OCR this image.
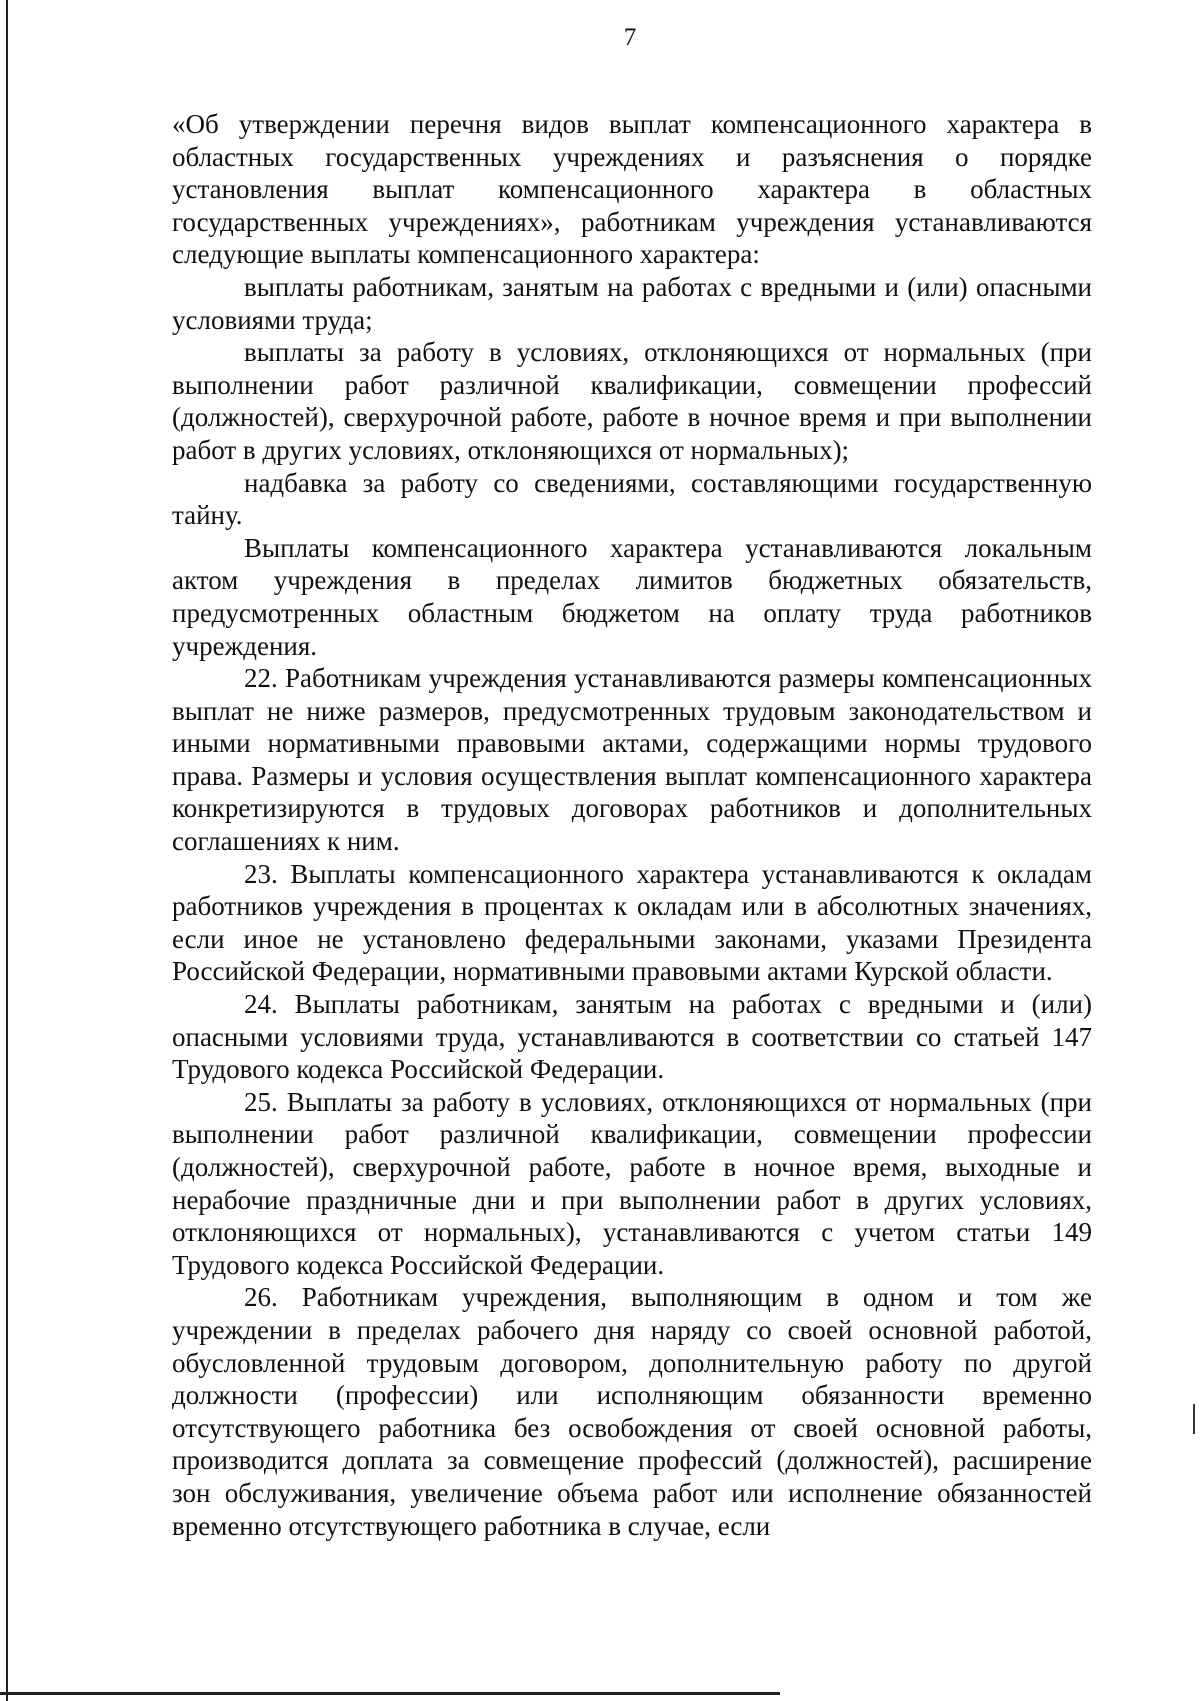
7

«Об утверждении перечня видов выплат компенсационного характера в областных государственных учреждениях и разъяснения о порядке установления выплат компенсационного характера в областных государственных учреждениях», работникам учреждения устанавливаются следующие выплаты компенсационного характера:

выплаты работникам, занятым на работах с вредными и (или) опасными условиями труда;

выплаты за работу в условиях, отклоняющихся от нормальных (при выполнении работ различной квалификации, совмещении профессий (должностей), сверхурочной работе, работе в ночное время и при выполнении работ в других условиях, отклоняющихся от нормальных);

надбавка за работу со сведениями, составляющими государственную тайну.

Выплаты компенсационного характера устанавливаются локальным актом учреждения в пределах лимитов бюджетных обязательств, предусмотренных областным бюджетом на оплату труда работников учреждения.

22. Работникам учреждения устанавливаются размеры компенсационных выплат не ниже размеров, предусмотренных трудовым законодательством и иными нормативными правовыми актами, содержащими нормы трудового права. Размеры и условия осуществления выплат компенсационного характера конкретизируются в трудовых договорах работников и дополнительных соглашениях к ним.

23. Выплаты компенсационного характера устанавливаются к окладам работников учреждения в процентах к окладам или в абсолютных значениях, если иное не установлено федеральными законами, указами Президента Российской Федерации, нормативными правовыми актами Курской области.

24. Выплаты работникам, занятым на работах с вредными и (или) опасными условиями труда, устанавливаются в соответствии со статьей 147 Трудового кодекса Российской Федерации.

25. Выплаты за работу в условиях, отклоняющихся от нормальных (при выполнении работ различной квалификации, совмещении профессии (должностей), сверхурочной работе, работе в ночное время, выходные и нерабочие праздничные дни и при выполнении работ в других условиях, отклоняющихся от нормальных), устанавливаются с учетом статьи 149 Трудового кодекса Российской Федерации.

26. Работникам учреждения, выполняющим в одном и том же учреждении в пределах рабочего дня наряду со своей основной работой, обусловленной трудовым договором, дополнительную работу по другой должности (профессии) или исполняющим обязанности временно отсутствующего работника без освобождения от своей основной работы, производится доплата за совмещение профессий (должностей), расширение зон обслуживания, увеличение объема работ или исполнение обязанностей временно отсутствующего работника в случае, если
